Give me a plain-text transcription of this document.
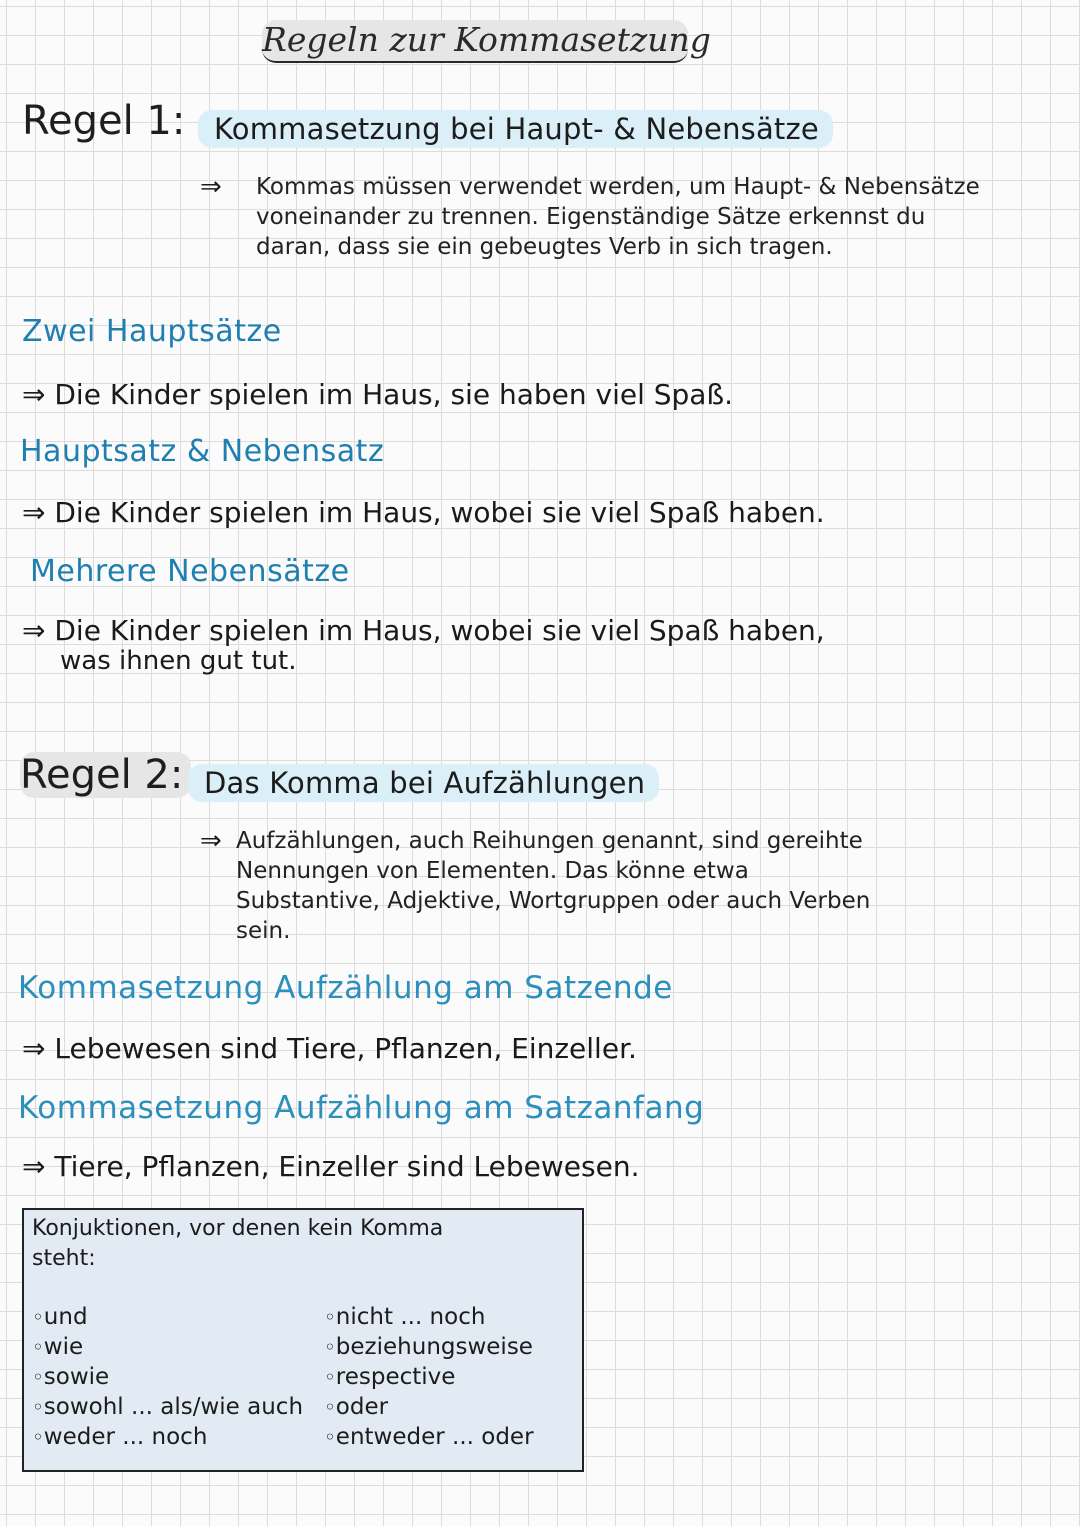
Regeln zur Kommasetzung
Regel 1: Kommasetzung bei Haupt- & Nebensätze
⇒ Kommas müssen verwendet werden, um Haupt- & Nebensätze voneinander zu trennen. Eigenständige Sätze erkennst du daran, dass sie ein gebeugtes Verb in sich tragen.
Zwei Hauptsätze
⇒ Die Kinder spielen im Haus, sie haben viel Spaß.
Hauptsatz & Nebensatz
⇒ Die Kinder spielen im Haus, wobei sie viel Spaß haben.
Mehrere Nebensätze
⇒ Die Kinder spielen im Haus, wobei sie viel Spaß haben,
was ihnen gut tut.
Regel 2: Das Komma bei Aufzählungen
⇒ Aufzählungen, auch Reihungen genannt, sind gereihte Nennungen von Elementen. Das könne etwa Substantive, Adjektive, Wortgruppen oder auch Verben sein.
Kommasetzung Aufzählung am Satzende
⇒ Lebewesen sind Tiere, Pflanzen, Einzeller.
Kommasetzung Aufzählung am Satzanfang
⇒ Tiere, Pflanzen, Einzeller sind Lebewesen.
Konjuktionen, vor denen kein Komma steht:
◦ und
◦ wie
◦ sowie
◦ sowohl ... als/wie auch
◦ weder ... noch
◦ nicht ... noch
◦ beziehungsweise
◦ respective
◦ oder
◦ entweder ... oder
